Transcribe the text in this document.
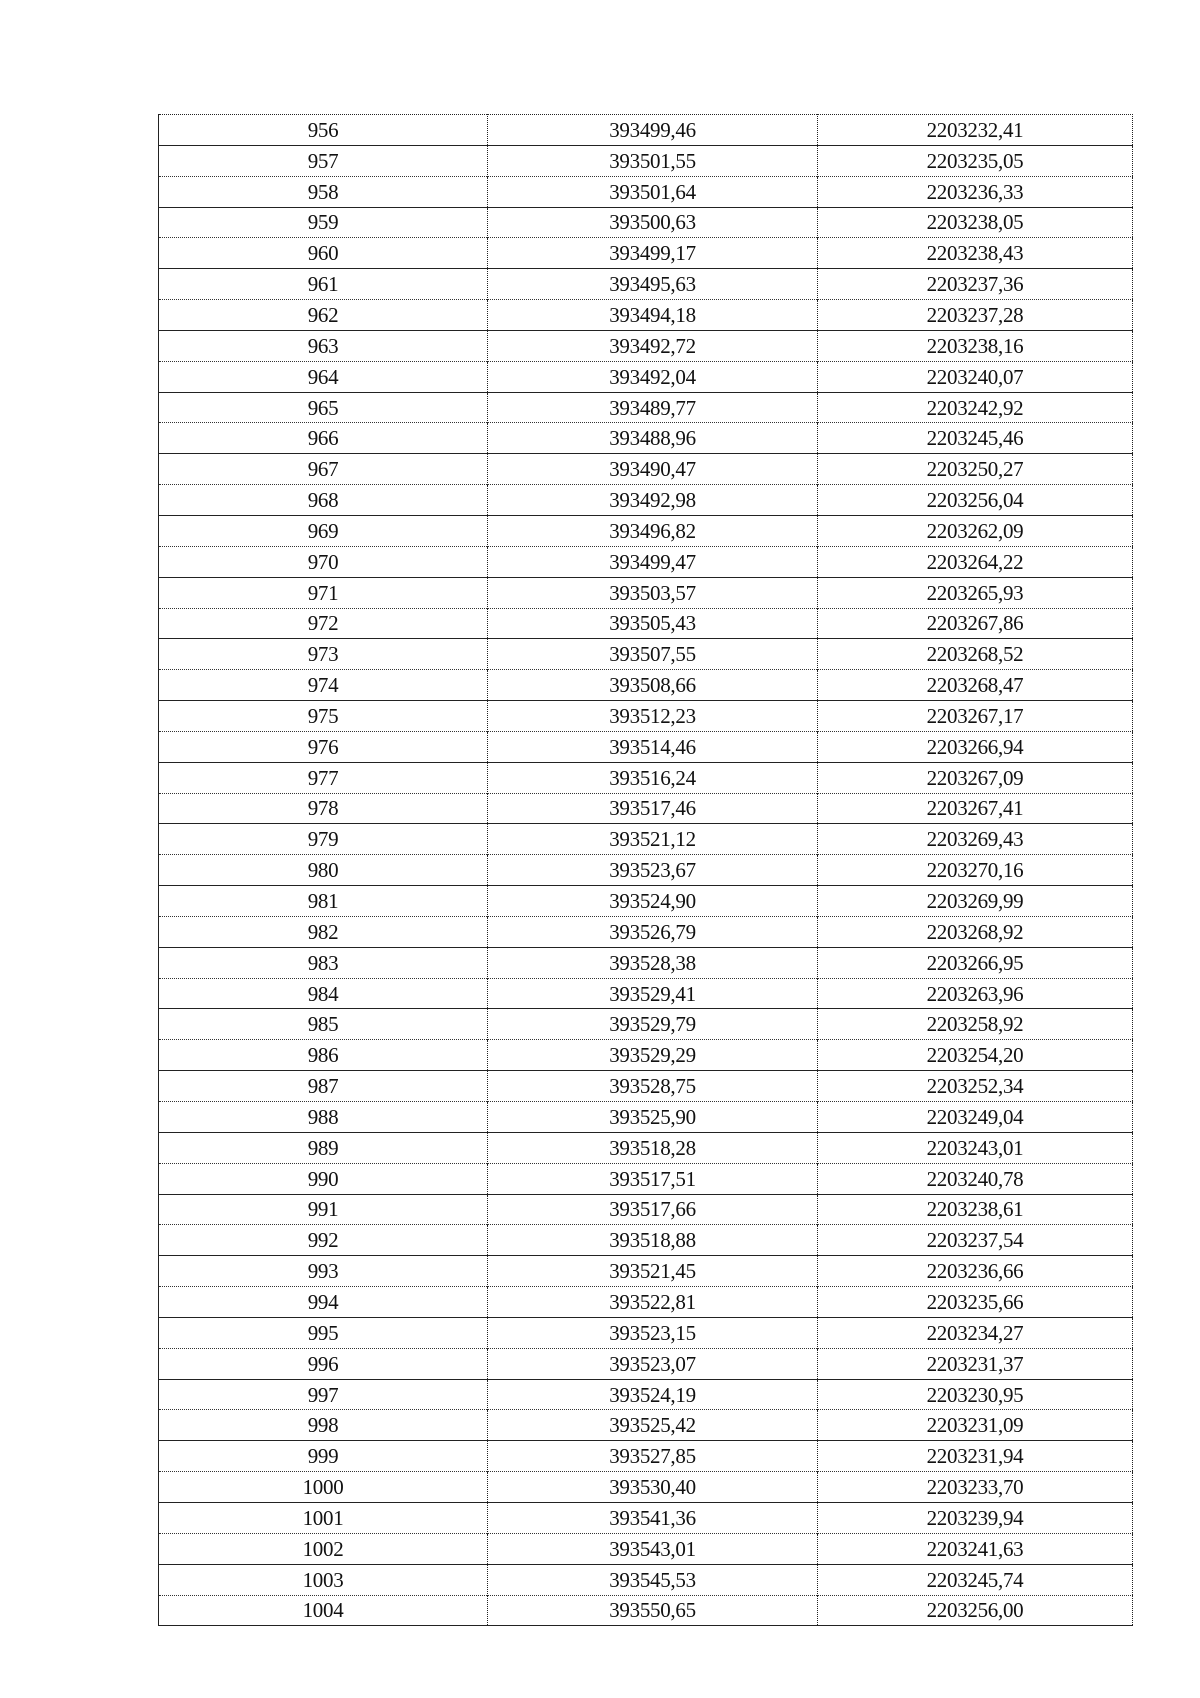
956	393499,46	2203232,41
957	393501,55	2203235,05
958	393501,64	2203236,33
959	393500,63	2203238,05
960	393499,17	2203238,43
961	393495,63	2203237,36
962	393494,18	2203237,28
963	393492,72	2203238,16
964	393492,04	2203240,07
965	393489,77	2203242,92
966	393488,96	2203245,46
967	393490,47	2203250,27
968	393492,98	2203256,04
969	393496,82	2203262,09
970	393499,47	2203264,22
971	393503,57	2203265,93
972	393505,43	2203267,86
973	393507,55	2203268,52
974	393508,66	2203268,47
975	393512,23	2203267,17
976	393514,46	2203266,94
977	393516,24	2203267,09
978	393517,46	2203267,41
979	393521,12	2203269,43
980	393523,67	2203270,16
981	393524,90	2203269,99
982	393526,79	2203268,92
983	393528,38	2203266,95
984	393529,41	2203263,96
985	393529,79	2203258,92
986	393529,29	2203254,20
987	393528,75	2203252,34
988	393525,90	2203249,04
989	393518,28	2203243,01
990	393517,51	2203240,78
991	393517,66	2203238,61
992	393518,88	2203237,54
993	393521,45	2203236,66
994	393522,81	2203235,66
995	393523,15	2203234,27
996	393523,07	2203231,37
997	393524,19	2203230,95
998	393525,42	2203231,09
999	393527,85	2203231,94
1000	393530,40	2203233,70
1001	393541,36	2203239,94
1002	393543,01	2203241,63
1003	393545,53	2203245,74
1004	393550,65	2203256,00
